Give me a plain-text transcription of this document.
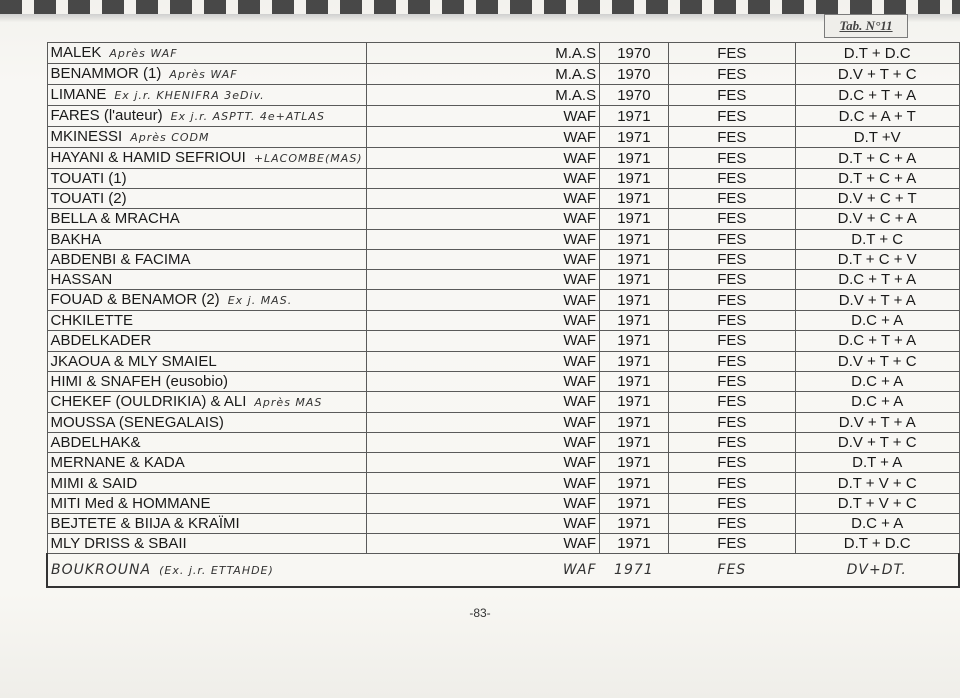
Tab. N°11
MALEK Après WAF	M.A.S	1970	FES	D.T + D.C
BENAMMOR (1) Après WAF	M.A.S	1970	FES	D.V + T + C
LIMANE Ex j.r. KHENIFRA 3eDiv.	M.A.S	1970	FES	D.C + T + A
FARES (l'auteur) Ex j.r. ASPTT. 4e+ATLAS	WAF	1971	FES	D.C + A + T
MKINESSI Après CODM	WAF	1971	FES	D.T +V
HAYANI & HAMID SEFRIOUI +LACOMBE(MAS)	WAF	1971	FES	D.T + C + A
TOUATI (1)	WAF	1971	FES	D.T + C + A
TOUATI (2)	WAF	1971	FES	D.V + C + T
BELLA & MRACHA	WAF	1971	FES	D.V + C + A
BAKHA	WAF	1971	FES	D.T + C
ABDENBI & FACIMA	WAF	1971	FES	D.T + C + V
HASSAN	WAF	1971	FES	D.C + T + A
FOUAD & BENAMOR (2) Ex j. MAS.	WAF	1971	FES	D.V + T + A
CHKILETTE	WAF	1971	FES	D.C + A
ABDELKADER	WAF	1971	FES	D.C + T + A
JKAOUA & MLY SMAIEL	WAF	1971	FES	D.V + T + C
HIMI & SNAFEH (eusobio)	WAF	1971	FES	D.C + A
CHEKEF (OULDRIKIA) & ALI Après MAS	WAF	1971	FES	D.C + A
MOUSSA (SENEGALAIS)	WAF	1971	FES	D.V + T + A
ABDELHAK&	WAF	1971	FES	D.V + T + C
MERNANE & KADA	WAF	1971	FES	D.T + A
MIMI & SAID	WAF	1971	FES	D.T + V + C
MITI Med & HOMMANE	WAF	1971	FES	D.T + V + C
BEJTETE & BIIJA & KRAÏMI	WAF	1971	FES	D.C + A
MLY DRISS & SBAII	WAF	1971	FES	D.T + D.C
BOUKROUNA (Ex. j.r. ETTAHDE)	WAF	1971	FES	DV+DT.
-83-
